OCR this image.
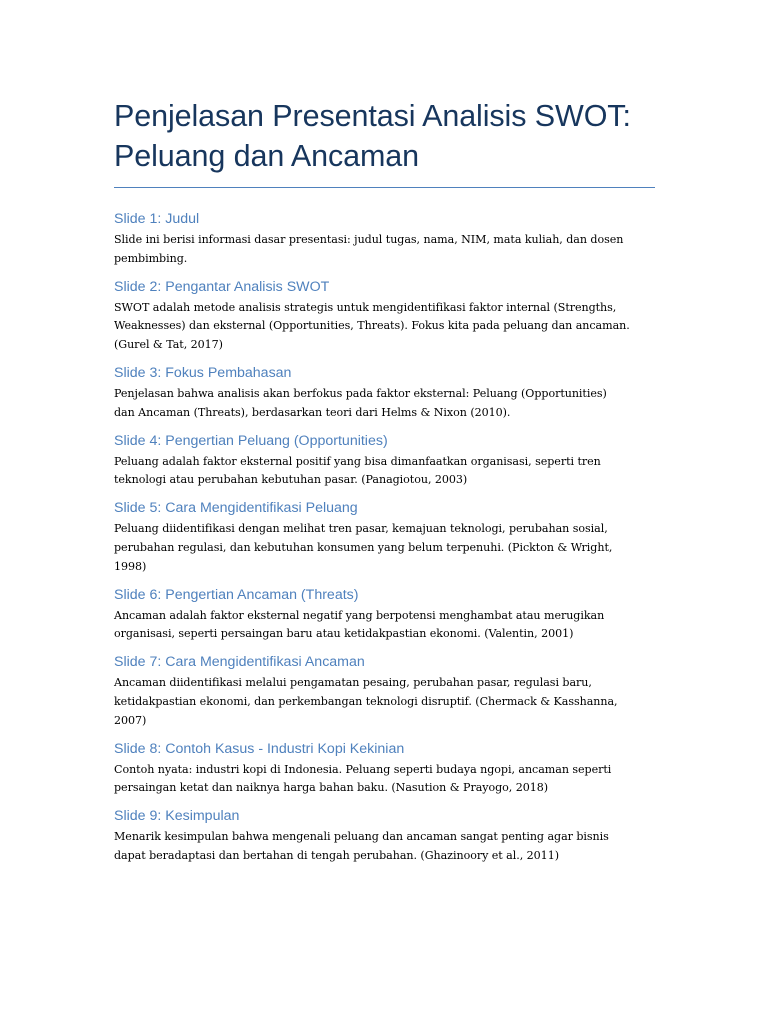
Penjelasan Presentasi Analisis SWOT:
Peluang dan Ancaman
Slide 1: Judul

Slide ini berisi informasi dasar presentasi: judul tugas, nama, NIM, mata kuliah, dan dosen
pembimbing.

Slide 2: Pengantar Analisis SWOT

SWOT adalah metode analisis strategis untuk mengidentifikasi faktor internal (Strengths,
Weaknesses) dan eksternal (Opportunities, Threats). Fokus kita pada peluang dan ancaman.
(Gurel & Tat, 2017)

Slide 3: Fokus Pembahasan

Penjelasan bahwa analisis akan berfokus pada faktor eksternal: Peluang (Opportunities)
dan Ancaman (Threats), berdasarkan teori dari Helms & Nixon (2010).

Slide 4: Pengertian Peluang (Opportunities)

Peluang adalah faktor eksternal positif yang bisa dimanfaatkan organisasi, seperti tren
teknologi atau perubahan kebutuhan pasar. (Panagiotou, 2003)

Slide 5: Cara Mengidentifikasi Peluang

Peluang diidentifikasi dengan melihat tren pasar, kemajuan teknologi, perubahan sosial,
perubahan regulasi, dan kebutuhan konsumen yang belum terpenuhi. (Pickton & Wright,
1998)

Slide 6: Pengertian Ancaman (Threats)

Ancaman adalah faktor eksternal negatif yang berpotensi menghambat atau merugikan
organisasi, seperti persaingan baru atau ketidakpastian ekonomi. (Valentin, 2001)

Slide 7: Cara Mengidentifikasi Ancaman

Ancaman diidentifikasi melalui pengamatan pesaing, perubahan pasar, regulasi baru,
ketidakpastian ekonomi, dan perkembangan teknologi disruptif. (Chermack & Kasshanna,
2007)

Slide 8: Contoh Kasus - Industri Kopi Kekinian

Contoh nyata: industri kopi di Indonesia. Peluang seperti budaya ngopi, ancaman seperti
persaingan ketat dan naiknya harga bahan baku. (Nasution & Prayogo, 2018)

Slide 9: Kesimpulan

Menarik kesimpulan bahwa mengenali peluang dan ancaman sangat penting agar bisnis
dapat beradaptasi dan bertahan di tengah perubahan. (Ghazinoory et al., 2011)
